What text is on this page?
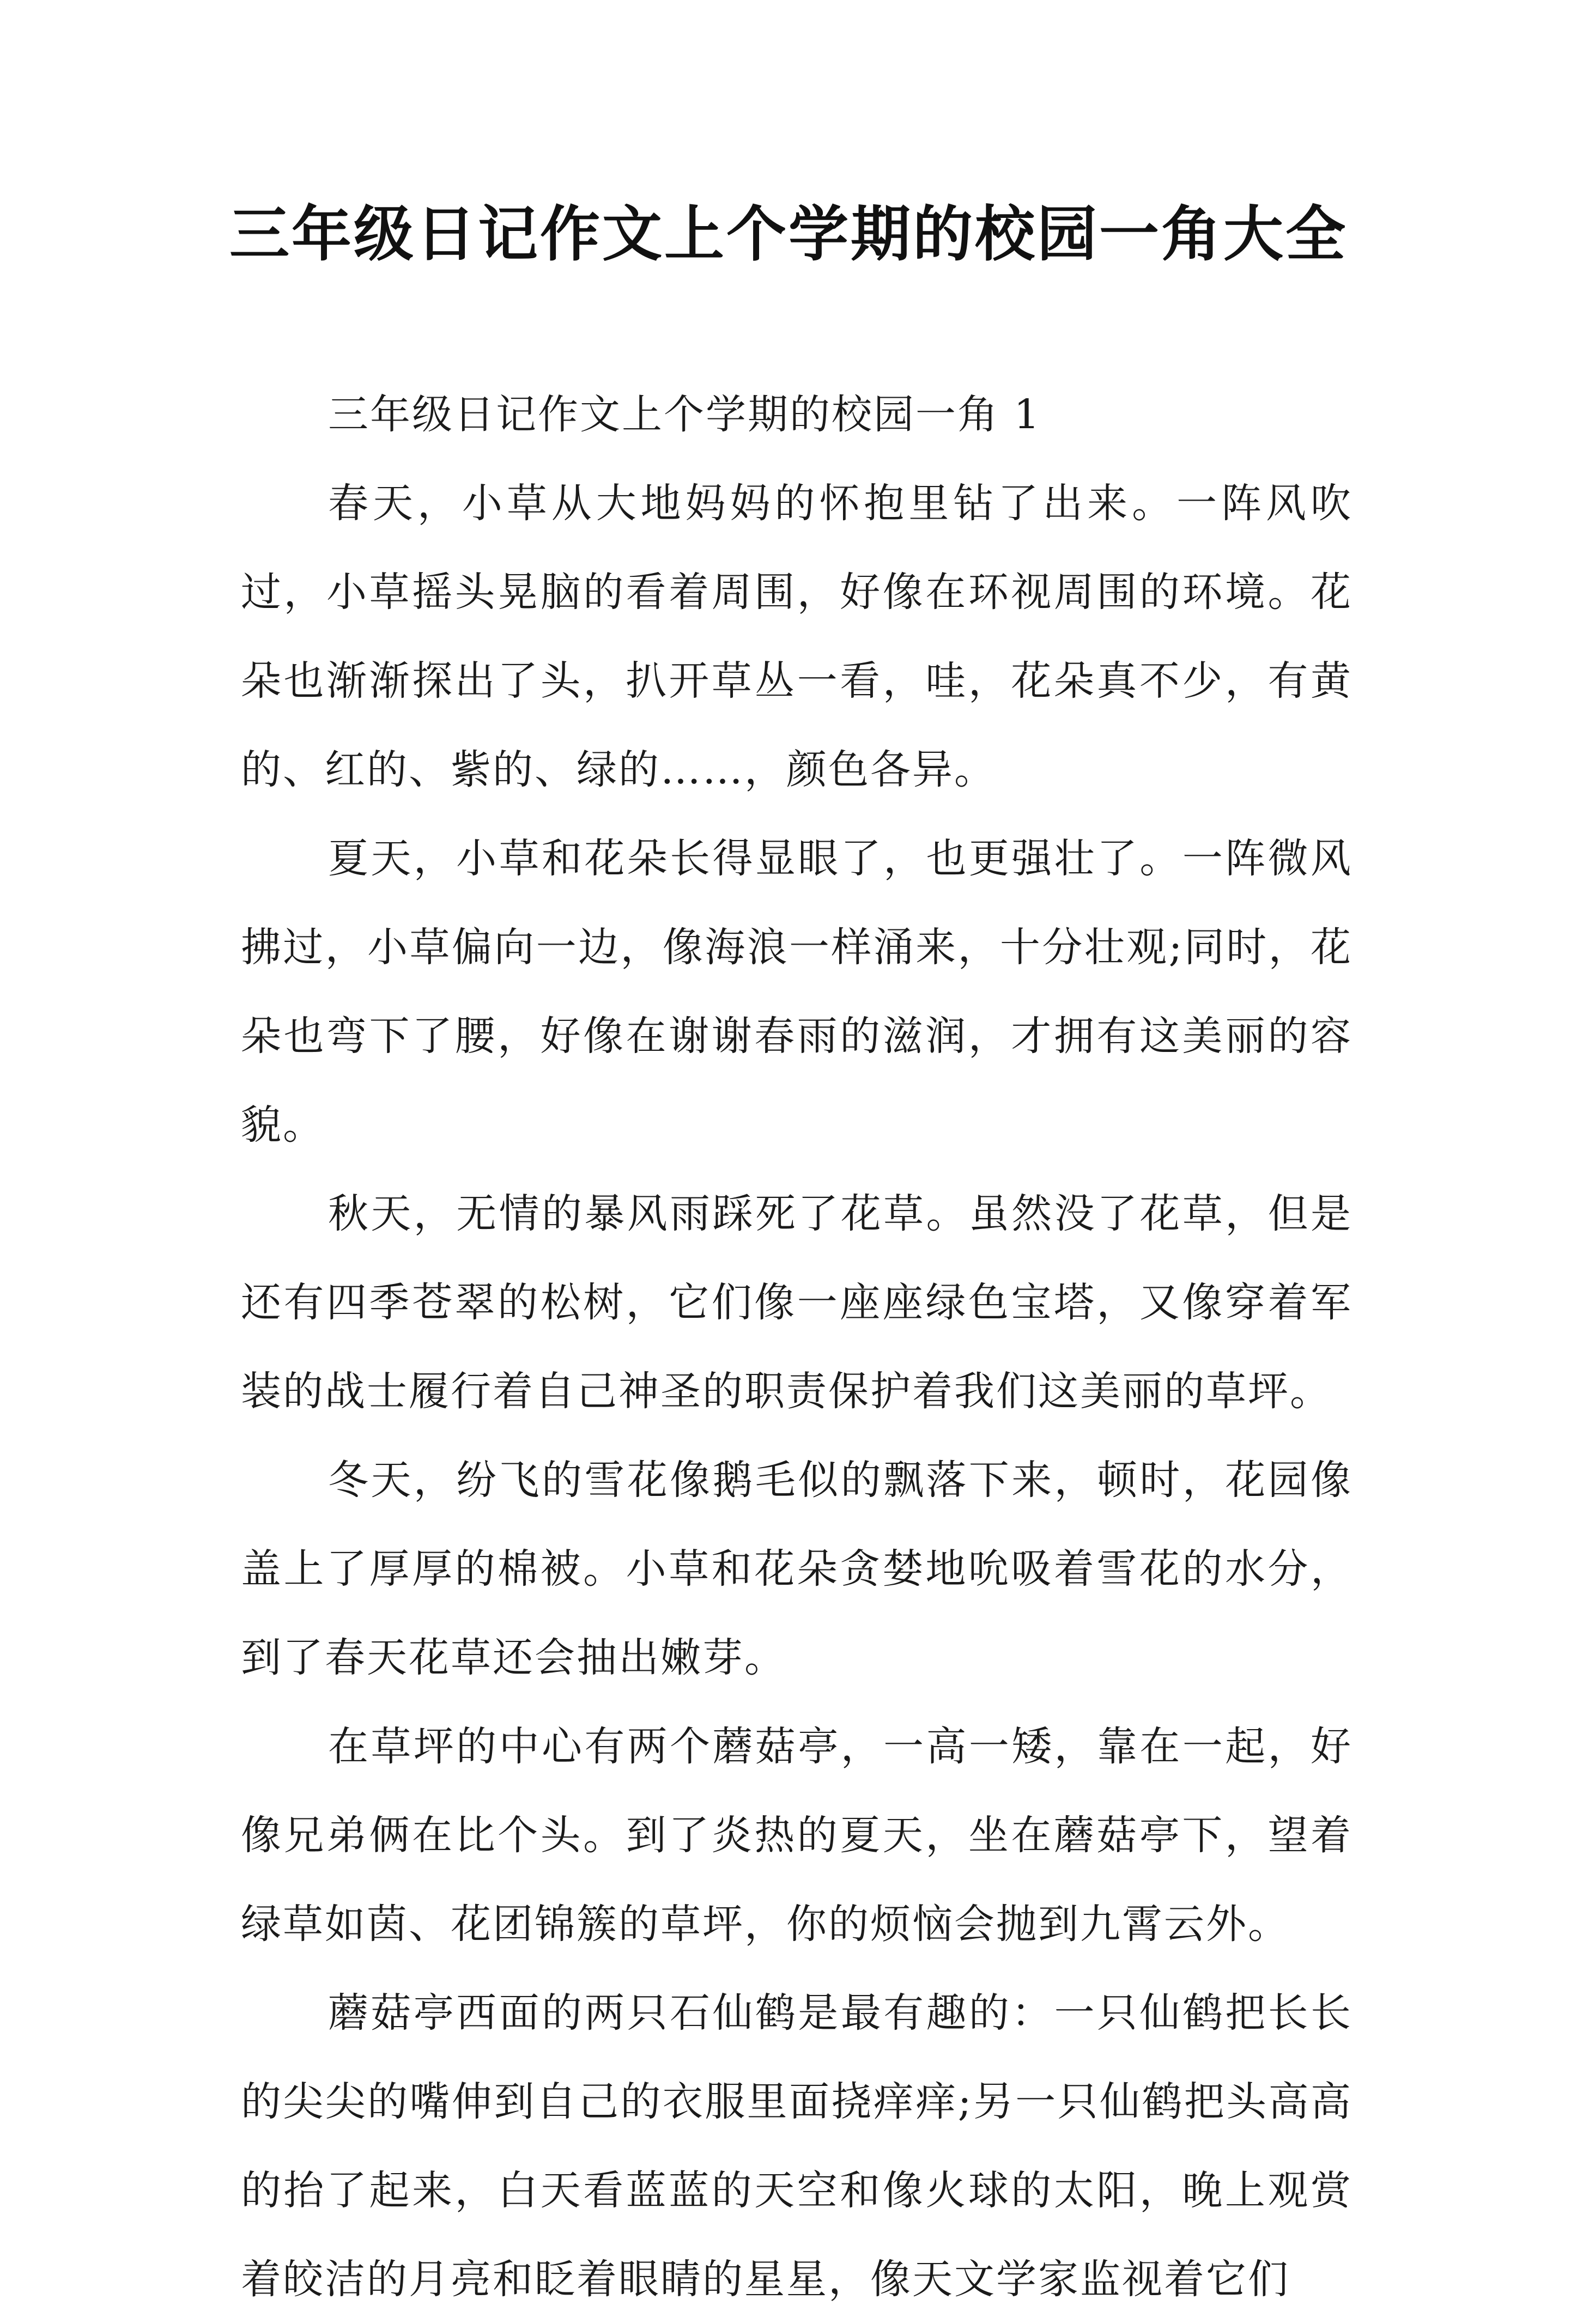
三年级日记作文上个学期的校园一角大全

三年级日记作文上个学期的校园一角 1

春天，小草从大地妈妈的怀抱里钻了出来。一阵风吹过，小草摇头晃脑的看着周围，好像在环视周围的环境。花朵也渐渐探出了头，扒开草丛一看，哇，花朵真不少，有黄的、红的、紫的、绿的……，颜色各异。

夏天，小草和花朵长得显眼了，也更强壮了。一阵微风拂过，小草偏向一边，像海浪一样涌来，十分壮观;同时，花朵也弯下了腰，好像在谢谢春雨的滋润，才拥有这美丽的容貌。

秋天，无情的暴风雨踩死了花草。虽然没了花草，但是还有四季苍翠的松树，它们像一座座绿色宝塔，又像穿着军装的战士履行着自己神圣的职责保护着我们这美丽的草坪。

冬天，纷飞的雪花像鹅毛似的飘落下来，顿时，花园像盖上了厚厚的棉被。小草和花朵贪婪地吮吸着雪花的水分，到了春天花草还会抽出嫩芽。

在草坪的中心有两个蘑菇亭，一高一矮，靠在一起，好像兄弟俩在比个头。到了炎热的夏天，坐在蘑菇亭下，望着绿草如茵、花团锦簇的草坪，你的烦恼会抛到九霄云外。

蘑菇亭西面的两只石仙鹤是最有趣的：一只仙鹤把长长的尖尖的嘴伸到自己的衣服里面挠痒痒;另一只仙鹤把头高高的抬了起来，白天看蓝蓝的天空和像火球的太阳，晚上观赏着皎洁的月亮和眨着眼睛的星星，像天文学家监视着它们
